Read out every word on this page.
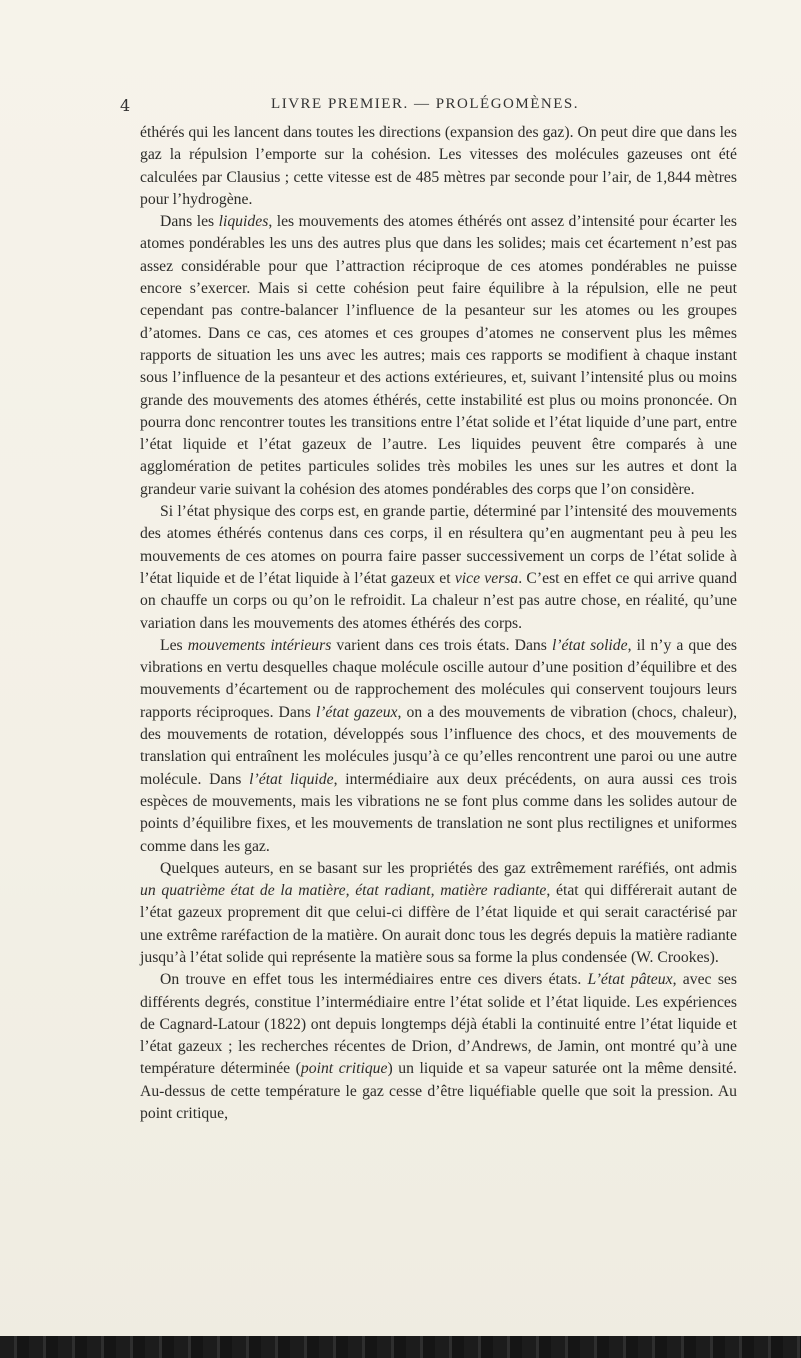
4	LIVRE PREMIER. — PROLÉGOMÈNES.

éthérés qui les lancent dans toutes les directions (expansion des gaz). On peut dire que dans les gaz la répulsion l’emporte sur la cohésion. Les vitesses des molécules gazeuses ont été calculées par Clausius ; cette vitesse est de 485 mètres par seconde pour l’air, de 1,844 mètres pour l’hydrogène.

Dans les liquides, les mouvements des atomes éthérés ont assez d’intensité pour écarter les atomes pondérables les uns des autres plus que dans les solides; mais cet écartement n’est pas assez considérable pour que l’attraction réciproque de ces atomes pondérables ne puisse encore s’exercer. Mais si cette cohésion peut faire équilibre à la répulsion, elle ne peut cependant pas contre-balancer l’influence de la pesanteur sur les atomes ou les groupes d’atomes. Dans ce cas, ces atomes et ces groupes d’atomes ne conservent plus les mêmes rapports de situation les uns avec les autres; mais ces rapports se modifient à chaque instant sous l’influence de la pesanteur et des actions extérieures, et, suivant l’intensité plus ou moins grande des mouvements des atomes éthérés, cette instabilité est plus ou moins prononcée. On pourra donc rencontrer toutes les transitions entre l’état solide et l’état liquide d’une part, entre l’état liquide et l’état gazeux de l’autre. Les liquides peuvent être comparés à une agglomération de petites particules solides très mobiles les unes sur les autres et dont la grandeur varie suivant la cohésion des atomes pondérables des corps que l’on considère.

Si l’état physique des corps est, en grande partie, déterminé par l’intensité des mouvements des atomes éthérés contenus dans ces corps, il en résultera qu’en augmentant peu à peu les mouvements de ces atomes on pourra faire passer successivement un corps de l’état solide à l’état liquide et de l’état liquide à l’état gazeux et vice versa. C’est en effet ce qui arrive quand on chauffe un corps ou qu’on le refroidit. La chaleur n’est pas autre chose, en réalité, qu’une variation dans les mouvements des atomes éthérés des corps.

Les mouvements intérieurs varient dans ces trois états. Dans l’état solide, il n’y a que des vibrations en vertu desquelles chaque molécule oscille autour d’une position d’équilibre et des mouvements d’écartement ou de rapprochement des molécules qui conservent toujours leurs rapports réciproques. Dans l’état gazeux, on a des mouvements de vibration (chocs, chaleur), des mouvements de rotation, développés sous l’influence des chocs, et des mouvements de translation qui entraînent les molécules jusqu’à ce qu’elles rencontrent une paroi ou une autre molécule. Dans l’état liquide, intermédiaire aux deux précédents, on aura aussi ces trois espèces de mouvements, mais les vibrations ne se font plus comme dans les solides autour de points d’équilibre fixes, et les mouvements de translation ne sont plus rectilignes et uniformes comme dans les gaz.

Quelques auteurs, en se basant sur les propriétés des gaz extrêmement raréfiés, ont admis un quatrième état de la matière, état radiant, matière radiante, état qui différerait autant de l’état gazeux proprement dit que celui-ci diffère de l’état liquide et qui serait caractérisé par une extrême raréfaction de la matière. On aurait donc tous les degrés depuis la matière radiante jusqu’à l’état solide qui représente la matière sous sa forme la plus condensée (W. Crookes).

On trouve en effet tous les intermédiaires entre ces divers états. L’état pâteux, avec ses différents degrés, constitue l’intermédiaire entre l’état solide et l’état liquide. Les expériences de Cagnard-Latour (1822) ont depuis longtemps déjà établi la continuité entre l’état liquide et l’état gazeux ; les recherches récentes de Drion, d’Andrews, de Jamin, ont montré qu’à une température déterminée (point critique) un liquide et sa vapeur saturée ont la même densité. Au-dessus de cette température le gaz cesse d’être liquéfiable quelle que soit la pression. Au point critique,
